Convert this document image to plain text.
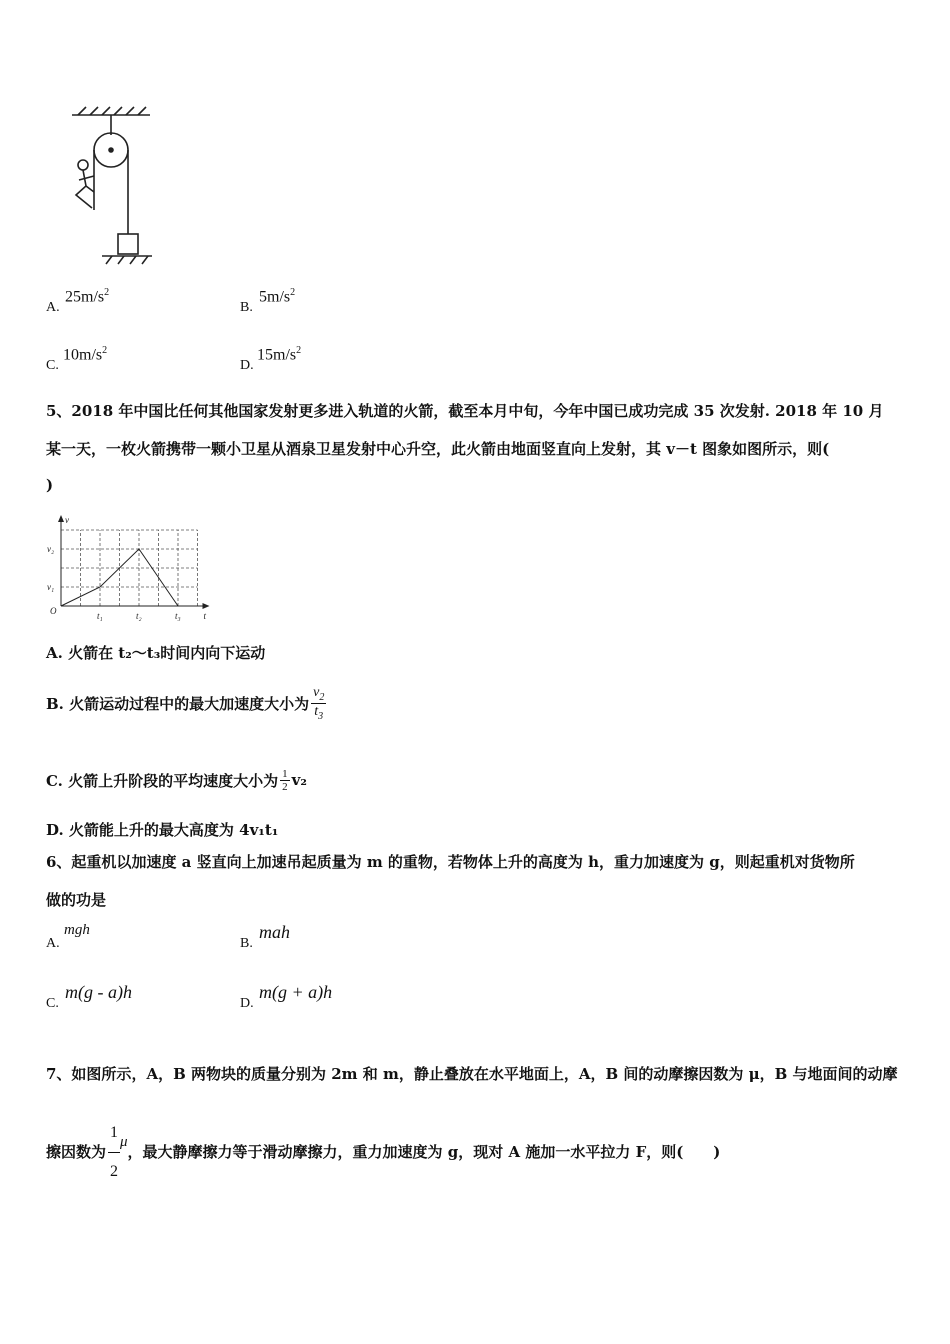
A.
$25m/s^2$
B.
$5m/s^2$
C.
$10m/s^2$
D.
$15m/s^2$
5、2018 年中国比任何其他国家发射更多进入轨道的火箭，截至本月中旬，今年中国已成功完成 35 次发射. 2018 年 10 月
某一天，一枚火箭携带一颗小卫星从酒泉卫星发射中心升空，此火箭由地面竖直向上发射，其 v－t 图象如图所示，则(
)
v
t
O	t₁	t₂	t₃
v₁
v₂
A. 火箭在 t₂～t₃时间内向下运动
B. 火箭运动过程中的最大加速度大小为 $\frac{v_2}{t_3}$
C. 火箭上升阶段的平均速度大小为 $\frac{1}{2} v_2$
D. 火箭能上升的最大高度为 4v₁t₁
6、起重机以加速度 a 竖直向上加速吊起质量为 m 的重物，若物体上升的高度为 h，重力加速度为 g，则起重机对货物所
做的功是
A.
mgh
B.
mah
C.
m(g - a)h
D.
m(g + a)h
7、如图所示，A，B 两物块的质量分别为 2m 和 m，静止叠放在水平地面上，A，B 间的动摩擦因数为 μ，B 与地面间的动摩
擦因数为 $\frac{1}{2}$ μ
，最大静摩擦力等于滑动摩擦力，重力加速度为 g，现对 A 施加一水平拉力 F，则(　　)
